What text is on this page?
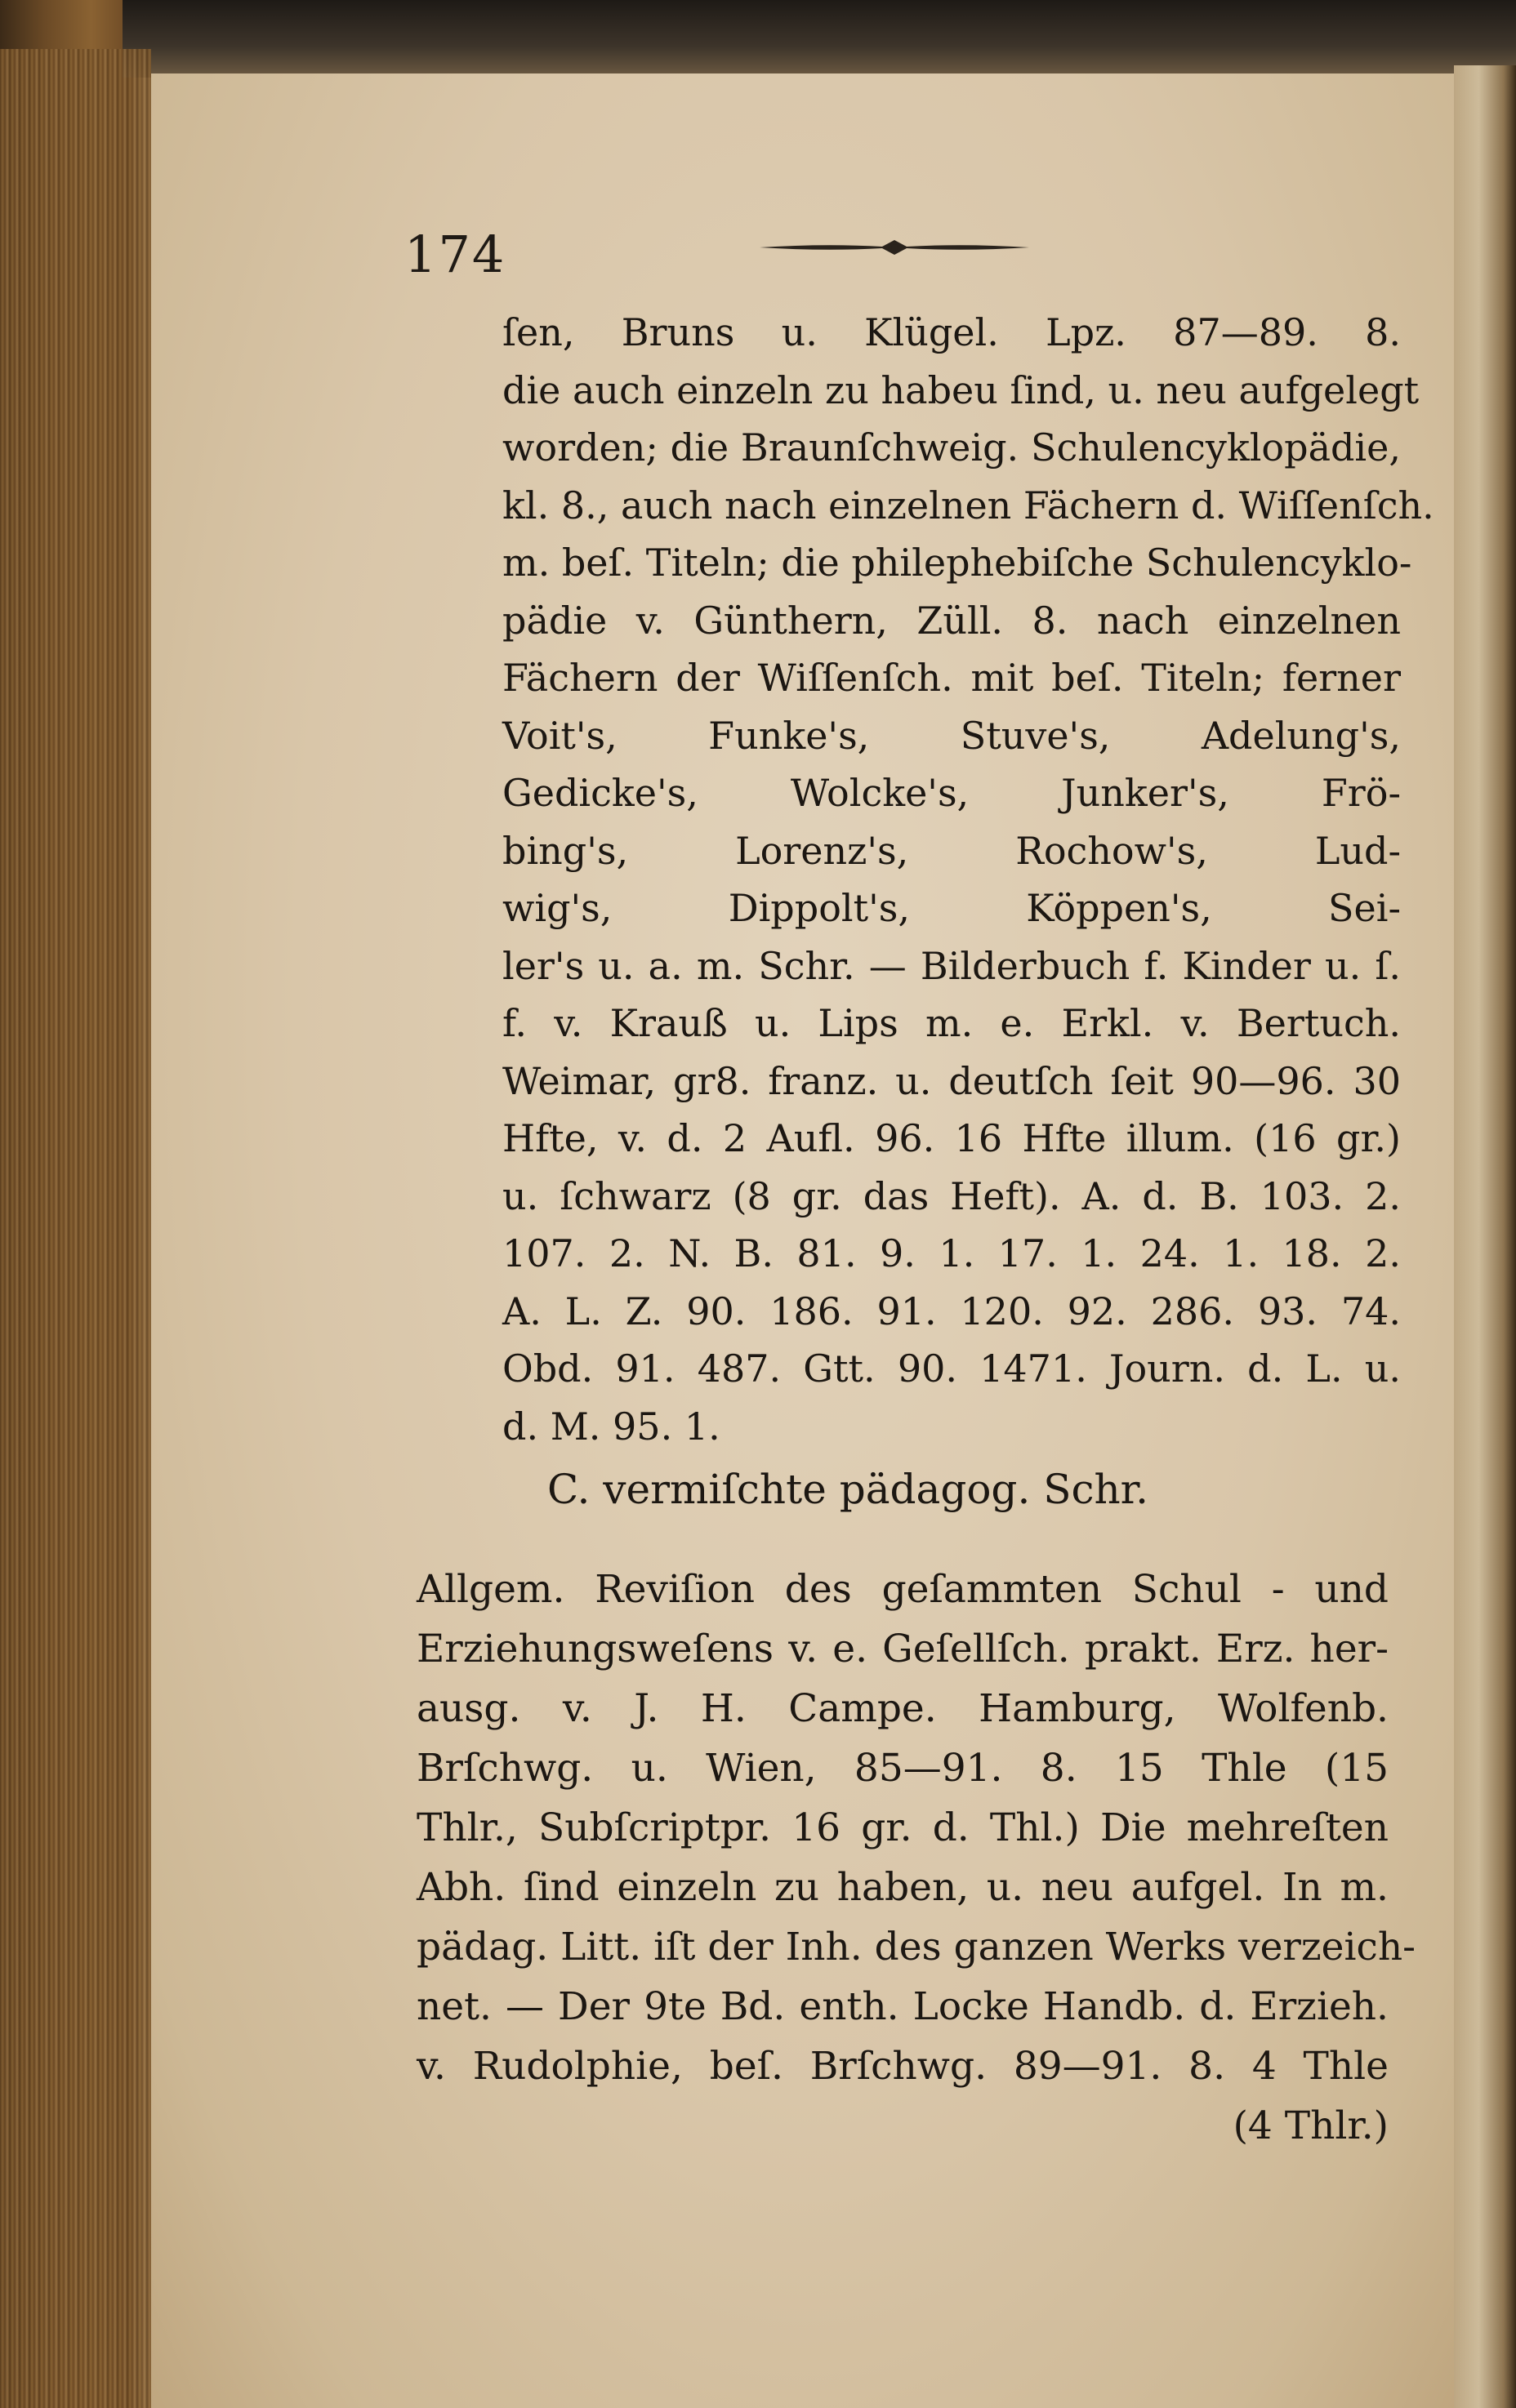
174
ſen, Bruns u. Klügel. Lpz. 87—89. 8.
die auch einzeln zu habeu ſind, u. neu aufgelegt
worden; die Braunſchweig. Schulencyklopädie,
kl. 8., auch nach einzelnen Fächern d. Wiſſenſch.
m. beſ. Titeln; die philephebiſche Schulencyklo-
pädie v. Günthern, Züll. 8. nach einzelnen
Fächern der Wiſſenſch. mit beſ. Titeln; ferner
Voit's, Funke's, Stuve's, Adelung's,
Gedicke's, Wolcke's, Junker's, Frö-
bing's, Lorenz's, Rochow's, Lud-
wig's, Dippolt's, Köppen's, Sei-
ler's u. a. m. Schr. — Bilderbuch f. Kinder u. ſ.
f. v. Krauß u. Lips m. e. Erkl. v. Bertuch.
Weimar, gr8. franz. u. deutſch ſeit 90—96. 30
Hfte, v. d. 2 Aufl. 96. 16 Hfte illum. (16 gr.)
u. ſchwarz (8 gr. das Heft). A. d. B. 103. 2.
107. 2. N. B. 81. 9. 1. 17. 1. 24. 1. 18. 2.
A. L. Z. 90. 186. 91. 120. 92. 286. 93. 74.
Obd. 91. 487. Gtt. 90. 1471. Journ. d. L. u.
d. M. 95. 1.
C. vermiſchte pädagog. Schr.
Allgem. Reviſion des geſammten Schul - und
Erziehungsweſens v. e. Geſellſch. prakt. Erz. her-
ausg. v. J. H. Campe. Hamburg, Wolfenb.
Brſchwg. u. Wien, 85—91. 8. 15 Thle (15
Thlr., Subſcriptpr. 16 gr. d. Thl.) Die mehreſten
Abh. ſind einzeln zu haben, u. neu aufgel. In m.
pädag. Litt. iſt der Inh. des ganzen Werks verzeich-
net. — Der 9te Bd. enth. Locke Handb. d. Erzieh.
v. Rudolphie, beſ. Brſchwg. 89—91. 8. 4 Thle
(4 Thlr.)
